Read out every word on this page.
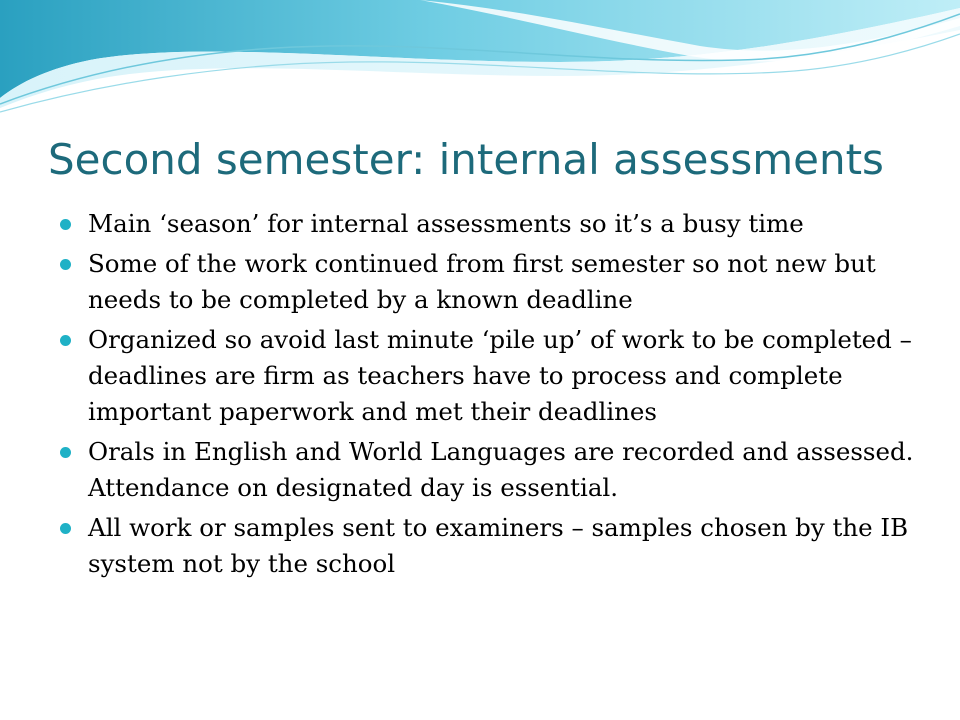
Second semester: internal assessments
Main ‘season’ for internal assessments so it’s a busy time
Some of the work continued from first semester so not new but needs to be completed by a known deadline
Organized so avoid last minute ‘pile up’ of work to be completed – deadlines are firm as teachers have to process and complete important paperwork and met their deadlines
Orals in English and World Languages are recorded and assessed. Attendance on designated day is essential.
All work or samples sent to examiners – samples chosen by the IB system not by the school
